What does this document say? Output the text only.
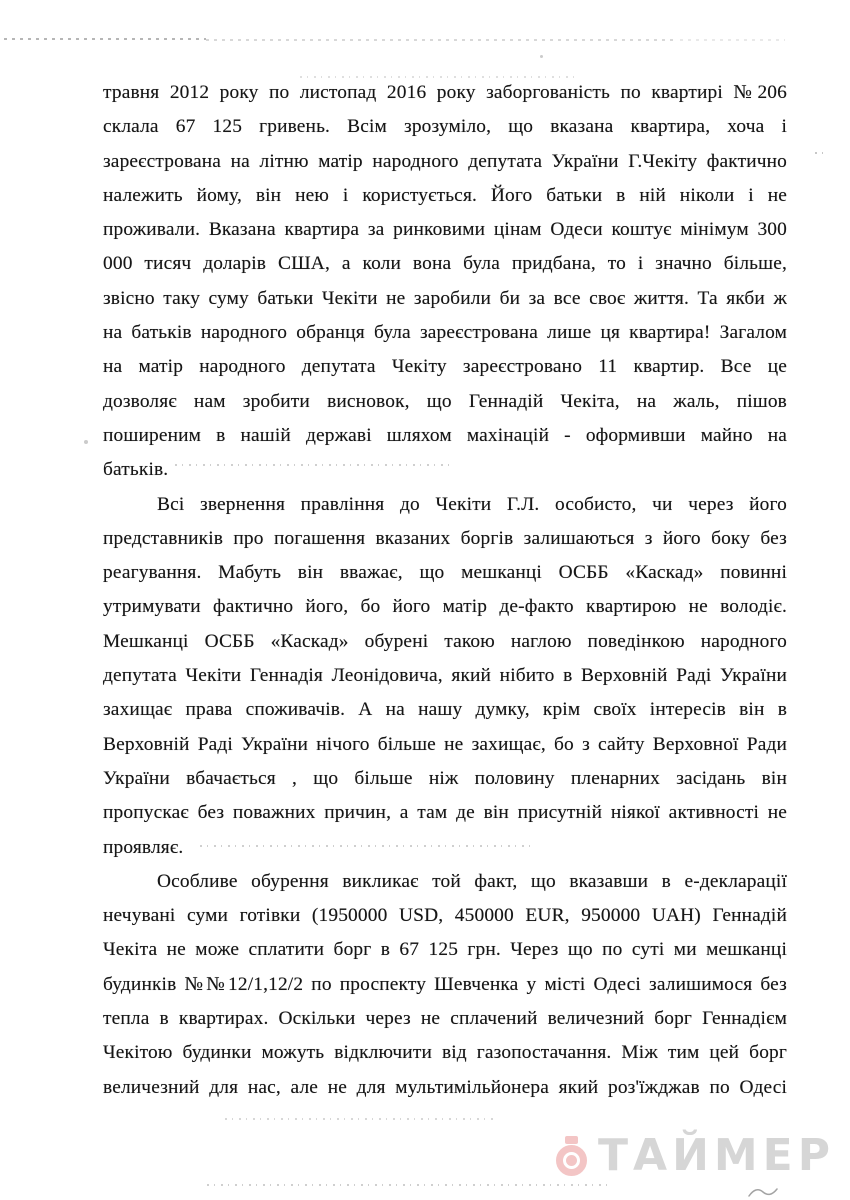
травня 2012 року по листопад 2016 року заборгованість по квартирі №206
склала 67 125 гривень. Всім зрозуміло, що вказана квартира, хоча і
зареєстрована на літню матір народного депутата України Г.Чекіту фактично
належить йому, він нею і користується. Його батьки в ній ніколи і не
проживали. Вказана квартира за ринковими цінам Одеси коштує мінімум 300
000 тисяч доларів США, а коли вона була придбана, то і значно більше,
звісно таку суму батьки Чекіти не заробили би за все своє життя. Та якби ж
на батьків народного обранця була зареєстрована лише ця квартира! Загалом
на матір народного депутата Чекіту зареєстровано 11 квартир. Все це
дозволяє нам зробити висновок, що Геннадій Чекіта, на жаль, пішов
поширеним в нашій державі шляхом махінацій - оформивши майно на
батьків.
Всі звернення правління до Чекіти Г.Л. особисто, чи через його
представників про погашення вказаних боргів залишаються з його боку без
реагування. Мабуть він вважає, що мешканці ОСББ «Каскад» повинні
утримувати фактично його, бо його матір де-факто квартирою не володіє.
Мешканці ОСББ «Каскад» обурені такою наглою поведінкою народного
депутата Чекіти Геннадія Леонідовича, який нібито в Верховній Раді України
захищає права споживачів. А на нашу думку, крім своїх інтересів він в
Верховній Раді України нічого більше не захищає, бо з сайту Верховної Ради
України вбачається , що більше ніж половину пленарних засідань він
пропускає без поважних причин, а там де він присутній ніякої активності не
проявляє.
Особливе обурення викликає той факт, що вказавши в е-декларації
нечувані суми готівки (1950000 USD, 450000 EUR, 950000 UAH) Геннадій
Чекіта не може сплатити борг в 67 125 грн. Через що по суті ми мешканці
будинків №№12/1,12/2 по проспекту Шевченка у місті Одесі залишимося без
тепла в квартирах. Оскільки через не сплачений величезний борг Геннадієм
Чекітою будинки можуть відключити від газопостачання. Між тим цей борг
величезний для нас, але не для мультимільйонера який роз'їжджав по Одесі
ТАЙМЕР
